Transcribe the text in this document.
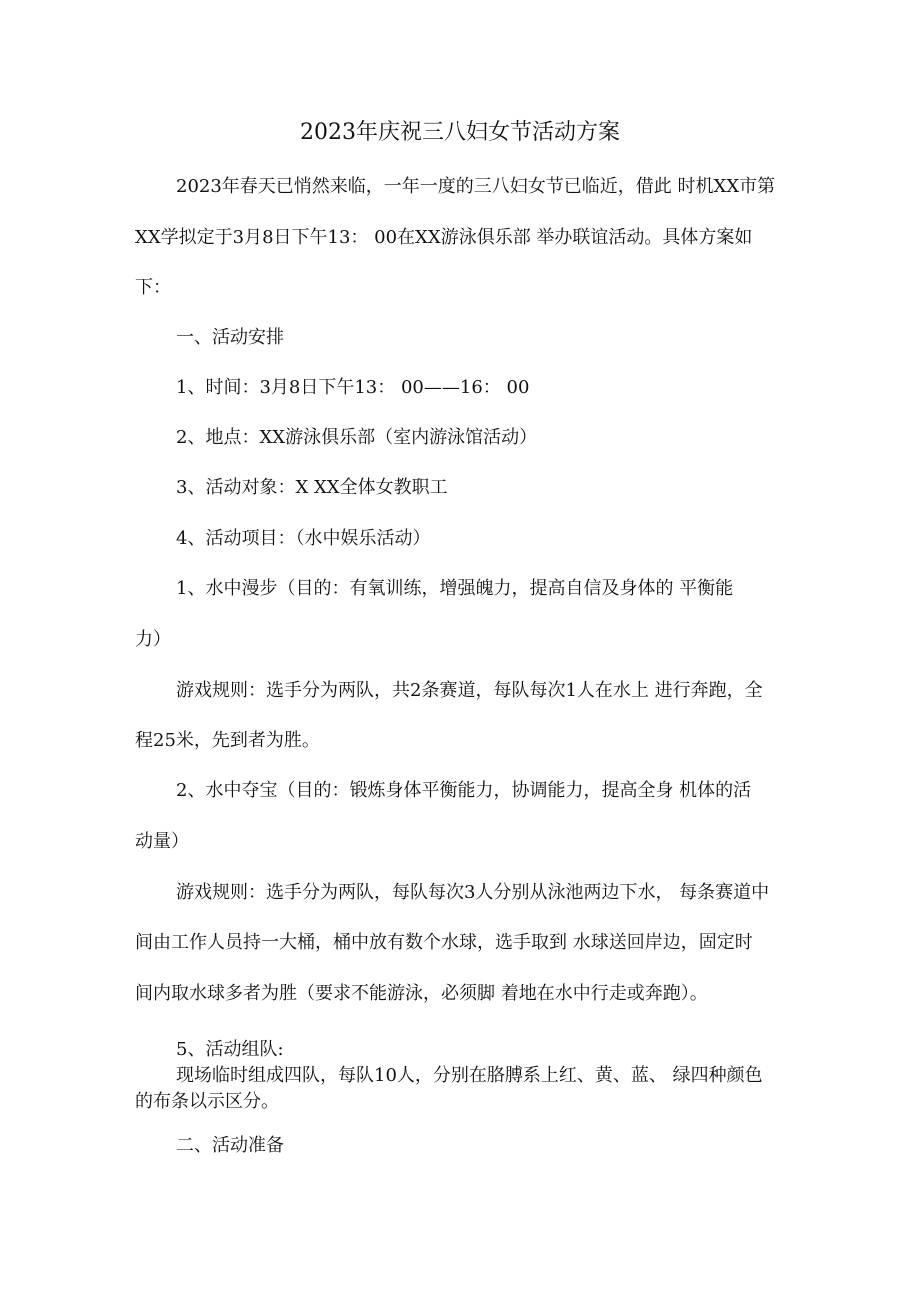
2023年庆祝三八妇女节活动方案

2023年春天已悄然来临，一年一度的三八妇女节已临近，借此 时机XX市第

XX学拟定于3月8日下午13： 00在XX游泳俱乐部 举办联谊活动。具体方案如

下：

一、活动安排

1、时间：3月8日下午13： 00——16： 00

2、地点：XX游泳俱乐部（室内游泳馆活动）

3、活动对象：X XX全体女教职工

4、活动项目：（水中娱乐活动）

1、水中漫步（目的：有氧训练，增强魄力，提高自信及身体的 平衡能

力）

游戏规则：选手分为两队，共2条赛道，每队每次1人在水上 进行奔跑，全

程25米，先到者为胜。

2、水中夺宝（目的：锻炼身体平衡能力，协调能力，提高全身 机体的活

动量）

游戏规则：选手分为两队，每队每次3人分别从泳池两边下水， 每条赛道中

间由工作人员持一大桶，桶中放有数个水球，选手取到 水球送回岸边，固定时

间内取水球多者为胜（要求不能游泳，必须脚 着地在水中行走或奔跑）。

5、活动组队:

现场临时组成四队，每队10人，分别在胳膊系上红、黄、蓝、 绿四种颜色

的布条以示区分。

二、活动准备
